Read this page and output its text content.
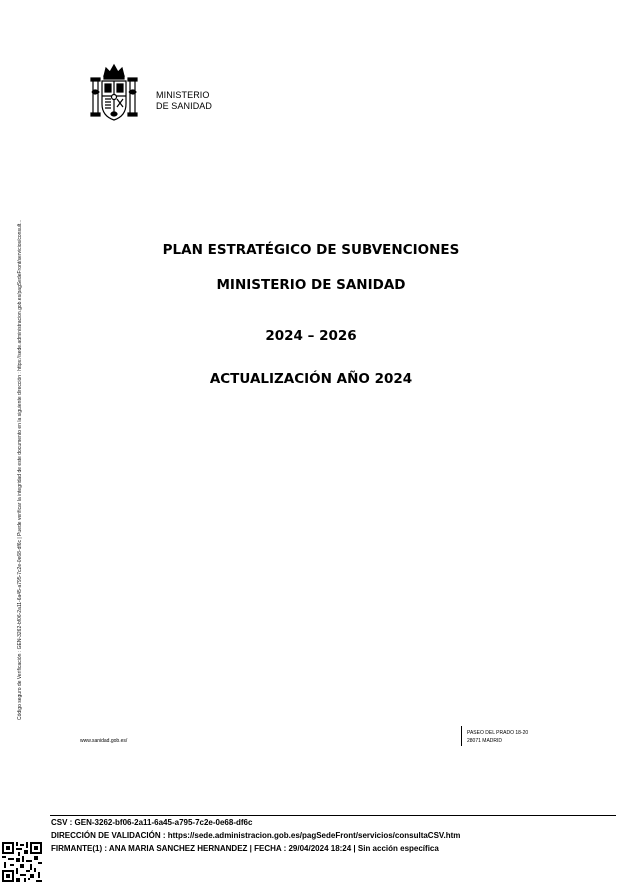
Código seguro de Verificación : GEN-3262-bf06-2a11-6a45-a795-7c2e-0e68-df6c | Puede verificar la integridad de este documento en la siguiente dirección : https://sede.administracion.gob.es/pagSedeFront/servicios/consult...
MINISTERIO
DE SANIDAD
PLAN ESTRATÉGICO DE SUBVENCIONES
MINISTERIO DE SANIDAD
2024 – 2026
ACTUALIZACIÓN AÑO 2024
www.sanidad.gob.es/
PASEO DEL PRADO 18-20
28071 MADRID
CSV : GEN-3262-bf06-2a11-6a45-a795-7c2e-0e68-df6c
DIRECCIÓN DE VALIDACIÓN : https://sede.administracion.gob.es/pagSedeFront/servicios/consultaCSV.htm
FIRMANTE(1) : ANA MARIA SANCHEZ HERNANDEZ | FECHA : 29/04/2024 18:24 | Sin acción específica
